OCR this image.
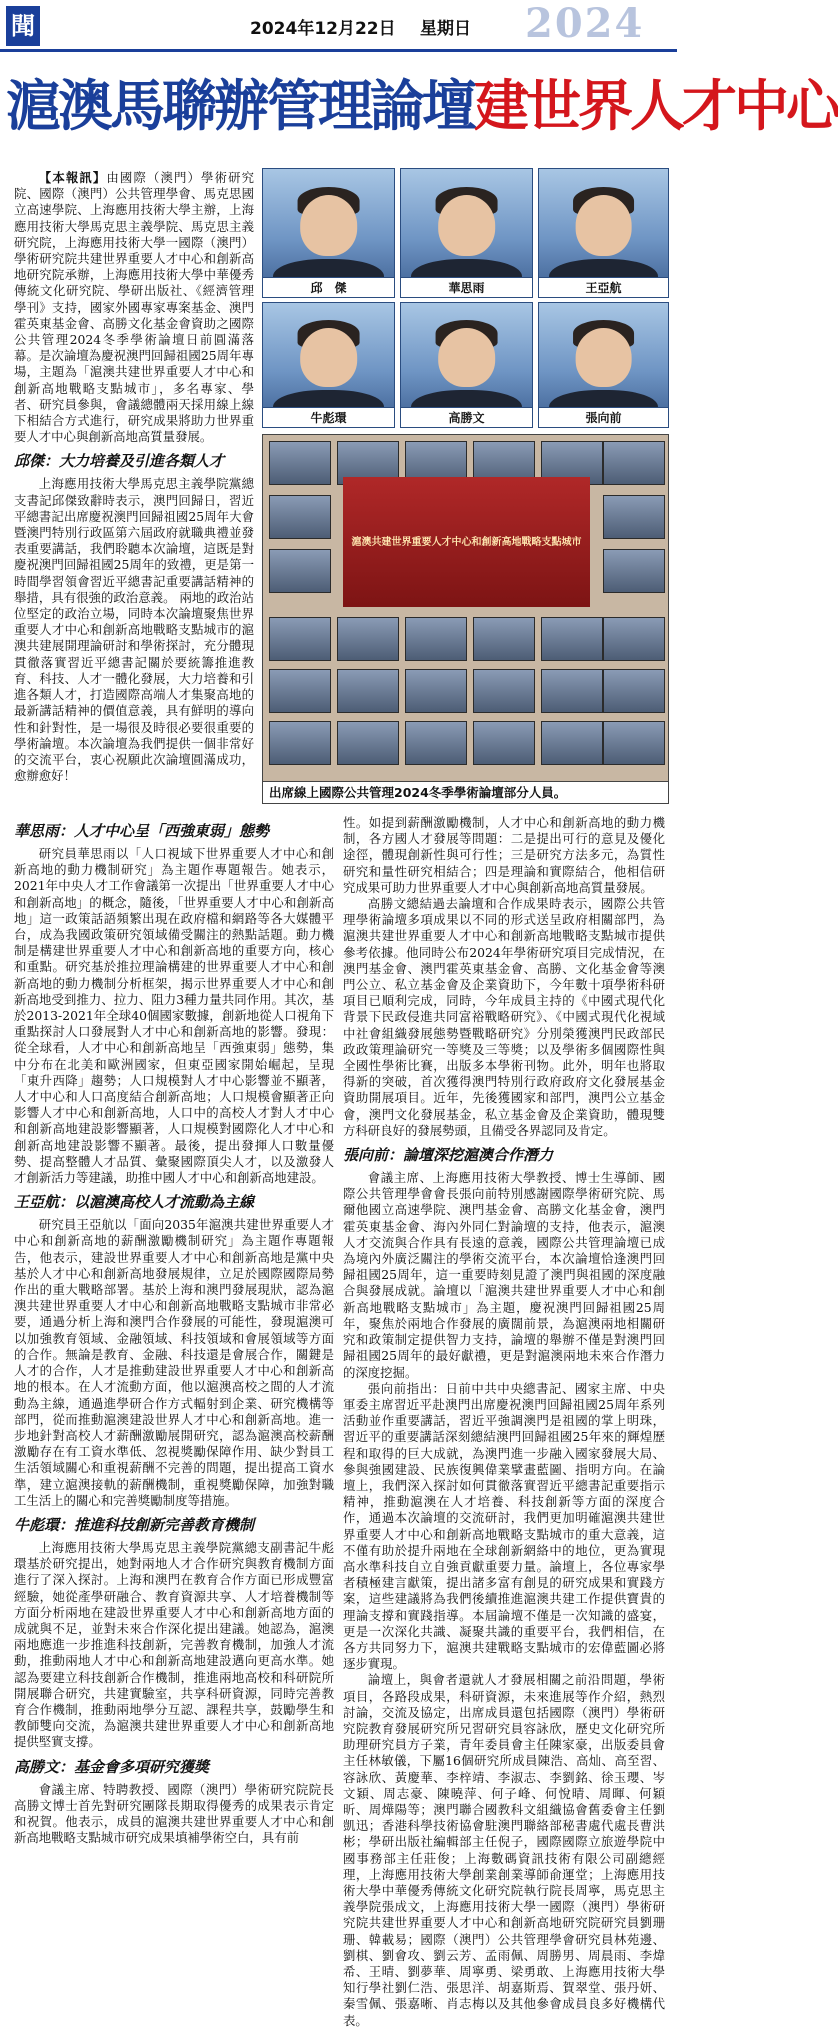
聞	2024年12月22日 星期日 2024
滬澳馬聯辦管理論壇建世界人才中心

【本報訊】由國際（澳門）學術研究院、國際（澳門）公共管理學會、馬克思國立高速學院、上海應用技術大學主辦，上海應用技術大學馬克思主義學院、馬克思主義研究院，上海應用技術大學一國際（澳門）學術研究院共建世界重要人才中心和創新高地研究院承辦，上海應用技術大學中華優秀傳統文化研究院、學研出版社、《經濟管理學刊》支持，國家外國專家專案基金、澳門霍英東基金會、高勝文化基金會資助之國際公共管理2024冬季學術論壇日前圓滿落幕。是次論壇為慶祝澳門回歸祖國25周年專場，主題為「滬澳共建世界重要人才中心和創新高地戰略支點城市」，多名專家、學者、研究員參與，會議總體兩天採用線上線下相結合方式進行，研究成果將助力世界重要人才中心與創新高地高質量發展。

邱傑：大力培養及引進各類人才

上海應用技術大學馬克思主義學院黨總支書記邱傑致辭時表示，澳門回歸日，習近平總書記出席慶祝澳門回歸祖國25周年大會暨澳門特別行政區第六屆政府就職典禮並發表重要講話，我們聆聽本次論壇，這既是對慶祝澳門回歸祖國25周年的致禮，更是第一時間學習領會習近平總書記重要講話精神的舉措，具有很強的政治意義。 兩地的政治站位堅定的政治立場，同時本次論壇聚焦世界重要人才中心和創新高地戰略支點城市的滬澳共建展開理論研討和學術探討，充分體現貫徹落實習近平總書記關於要統籌推進教育、科技、人才一體化發展，大力培養和引進各類人才，打造國際高端人才集聚高地的最新講話精神的價值意義，具有鮮明的導向性和針對性，是一場很及時很必要很重要的學術論壇。本次論壇為我們提供一個非常好的交流平台，衷心祝願此次論壇圓滿成功，愈辦愈好！

邱　傑	華思雨	王亞航
牛彪環	高勝文	張向前
滬澳共建世界重要人才中心和創新高地戰略支點城市
出席線上國際公共管理2024冬季學術論壇部分人員。
華思雨：人才中心呈「西強東弱」態勢

研究員華思雨以「人口視域下世界重要人才中心和創新高地的動力機制研究」為主題作專題報告。她表示，2021年中央人才工作會議第一次提出「世界重要人才中心和創新高地」的概念，隨後，「世界重要人才中心和創新高地」這一政策話語頻繁出現在政府檔和網路等各大媒體平台，成為我國政策研究領域備受關注的熱點話題。動力機制是構建世界重要人才中心和創新高地的重要方向，核心和重點。研究基於推拉理論構建的世界重要人才中心和創新高地的動力機制分析框架，揭示世界重要人才中心和創新高地受到推力、拉力、阻力3種力量共同作用。其次，基於2013-2021年全球40個國家數據，創新地從人口視角下重點探討人口發展對人才中心和創新高地的影響。發現：從全球看，人才中心和創新高地呈「西強東弱」態勢，集中分布在北美和歐洲國家，但東亞國家開始崛起，呈現「東升西降」趨勢；人口規模對人才中心影響並不顯著，人才中心和人口高度結合創新高地；人口規模會顯著正向影響人才中心和創新高地，人口中的高校人才對人才中心和創新高地建設影響顯著，人口規模對國際化人才中心和創新高地建設影響不顯著。最後，提出發揮人口數量優勢、提高整體人才品質、彙聚國際頂尖人才，以及激發人才創新活力等建議，助推中國人才中心和創新高地建設。

王亞航：以滬澳高校人才流動為主線

研究員王亞航以「面向2035年滬澳共建世界重要人才中心和創新高地的薪酬激勵機制研究」為主題作專題報告，他表示，建設世界重要人才中心和創新高地是黨中央基於人才中心和創新高地發展規律，立足於國際國際局勢作出的重大戰略部署。基於上海和澳門發展現狀，認為滬澳共建世界重要人才中心和創新高地戰略支點城市非常必要，通過分析上海和澳門合作發展的可能性，發現滬澳可以加強教育領域、金融領域、科技領域和會展領域等方面的合作。無論是教育、金融、科技還是會展合作，關鍵是人才的合作，人才是推動建設世界重要人才中心和創新高地的根本。在人才流動方面，他以滬澳高校之間的人才流動為主線，通過進學研合作方式輻射到企業、研究機構等部門，從而推動滬澳建設世界人才中心和創新高地。進一步地針對高校人才薪酬激勵展開研究，認為滬澳高校薪酬激勵存在有工資水準低、忽視獎勵保障作用、缺少對員工生活領域關心和重視薪酬不完善的問題，提出提高工資水準，建立滬澳接軌的薪酬機制，重視獎勵保障，加強對職工生活上的關心和完善獎勵制度等措施。

牛彪環：推進科技創新完善教育機制

上海應用技術大學馬克思主義學院黨總支副書記牛彪環基於研究提出，她對兩地人才合作研究與教育機制方面進行了深入探討。上海和澳門在教育合作方面已形成豐富經驗，她從產學研融合、教育資源共享、人才培養機制等方面分析兩地在建設世界重要人才中心和創新高地方面的成就與不足，並對未來合作深化提出建議。她認為，滬澳兩地應進一步推進科技創新，完善教育機制，加強人才流動，推動兩地人才中心和創新高地建設邁向更高水準。她認為要建立科技創新合作機制，推進兩地高校和科研院所開展聯合研究，共建實驗室，共享科研資源，同時完善教育合作機制，推動兩地學分互認、課程共享，鼓勵學生和教師雙向交流，為滬澳共建世界重要人才中心和創新高地提供堅實支撐。

高勝文：基金會多項研究獲獎

會議主席、特聘教授、國際（澳門）學術研究院院長高勝文博士首先對研究團隊長期取得優秀的成果表示肯定和祝賀。他表示，成員的滬澳共建世界重要人才中心和創新高地戰略支點城市研究成果填補學術空白，具有前

性。如提到薪酬激勵機制，人才中心和創新高地的動力機制，各方國人才發展等問題：二是提出可行的意見及優化途徑，體現創新性與可行性；三是研究方法多元，為質性研究和量性研究相結合；四是理論和實際結合，他相信研究成果可助力世界重要人才中心與創新高地高質量發展。

高勝文總結過去論壇和合作成果時表示，國際公共管理學術論壇多項成果以不同的形式送呈政府相關部門，為滬澳共建世界重要人才中心和創新高地戰略支點城市提供參考依據。他同時公布2024年學術研究項目完成情況，在澳門基金會、澳門霍英東基金會、高勝、文化基金會等澳門公立、私立基金會及企業資助下，今年數十項學術科研項目已順利完成，同時，今年成員主持的《中國式現代化背景下民政侵進共同富裕戰略研究》、《中國式現代化視域中社會組織發展態勢暨戰略研究》分別榮獲澳門民政部民政政策理論研究一等獎及三等獎；以及學術多個國際性與全國性學術比賽，出版多本學術刊物。此外，明年也將取得新的突破，首次獲得澳門特別行政府政府文化發展基金資助開展項目。近年，先後獲國家和部門，澳門公立基金會，澳門文化發展基金，私立基金會及企業資助，體現雙方科研良好的發展勢頭，且備受各界認同及肯定。

張向前：論壇深挖滬澳合作潛力

會議主席、上海應用技術大學教授、博士生導師、國際公共管理學會會長張向前特別感謝國際學術研究院、馬爾他國立高速學院、澳門基金會、高勝文化基金會，澳門霍英東基金會、海內外同仁對論壇的支持，他表示，滬澳人才交流與合作具有長遠的意義，國際公共管理論壇已成為境內外廣泛關注的學術交流平台，本次論壇恰逢澳門回歸祖國25周年，這一重要時刻見證了澳門與祖國的深度融合與發展成就。論壇以「滬澳共建世界重要人才中心和創新高地戰略支點城市」為主題，慶祝澳門回歸祖國25周年，聚焦於兩地合作發展的廣闊前景，為滬澳兩地相關研究和政策制定提供智力支持，論壇的舉辦不僅是對澳門回歸祖國25周年的最好獻禮，更是對滬澳兩地未來合作潛力的深度挖掘。

張向前指出：日前中共中央總書記、國家主席、中央軍委主席習近平赴澳門出席慶祝澳門回歸祖國25周年系列活動並作重要講話，習近平強調澳門是祖國的掌上明珠，習近平的重要講話深刻總結澳門回歸祖國25年來的輝煌歷程和取得的巨大成就，為澳門進一步融入國家發展大局、參與強國建設、民族復興偉業擘畫藍圖、指明方向。在論壇上，我們深入探討如何貫徹落實習近平總書記重要指示精神，推動滬澳在人才培養、科技創新等方面的深度合作，通過本次論壇的交流研討，我們更加明確滬澳共建世界重要人才中心和創新高地戰略支點城市的重大意義，這不僅有助於提升兩地在全球創新網絡中的地位，更為實現高水準科技自立自強貢獻重要力量。論壇上，各位專家學者積極建言獻策，提出諸多富有創見的研究成果和實踐方案，這些建議將為我們後續推進滬澳共建工作提供寶貴的理論支撐和實踐指導。本屆論壇不僅是一次知識的盛宴，更是一次深化共識、凝聚共識的重要平台，我們相信，在各方共同努力下，滬澳共建戰略支點城市的宏偉藍圖必將逐步實現。

論壇上，與會者還就人才發展相關之前沿問題，學術項目，各路段成果，科研資源，未來進展等作介紹，熱烈討論，交流及協定，出席成員還包括國際（澳門）學術研究院教育發展研究所兄習研究員容詠欣，歷史文化研究所助理研究員方子業，青年委員會主任陳家豪，出版委員會主任林敏儀，下屬16個研究所成員陳浩、高灿、高至習、容詠欣、黃慶華、李梓靖、李淑志、李劉銘、徐玉瓔、岑文穎、周志豪、陳曉萍、何子峰、何悅晴、周暉、何穎昕、周燁陽等；澳門聯合國教科文組織協會舊委會主任劉凱迅；香港科學技術協會駐澳門聯絡部秘書處代處長曹洪彬；學研出版社編輯部主任倪子，國際國際立旅遊學院中國事務部主任莊俊；上海數碼資訊技術有限公司副總經理，上海應用技術大學創業創業導師俞運堂；上海應用技術大學中華優秀傳統文化研究院執行院長周寧，馬克思主義學院張成文，上海應用技術大學一國際（澳門）學術研究院共建世界重要人才中心和創新高地研究院研究員劉珊珊、韓載易；國際（澳門）公共管理學會研究員林苑邊、劉棋、劉會攻、劉云芳、孟雨佩、周勝男、周晨雨、李煒希、王晴、劉夢華、周寧勇、梁勇敢、上海應用技術大學知行學社劉仁浩、張思洋、胡嘉斯焉、賀翠堂、張丹妍、秦雪佩、張嘉晰、肖志梅以及其他參會成員良多好機構代表。
